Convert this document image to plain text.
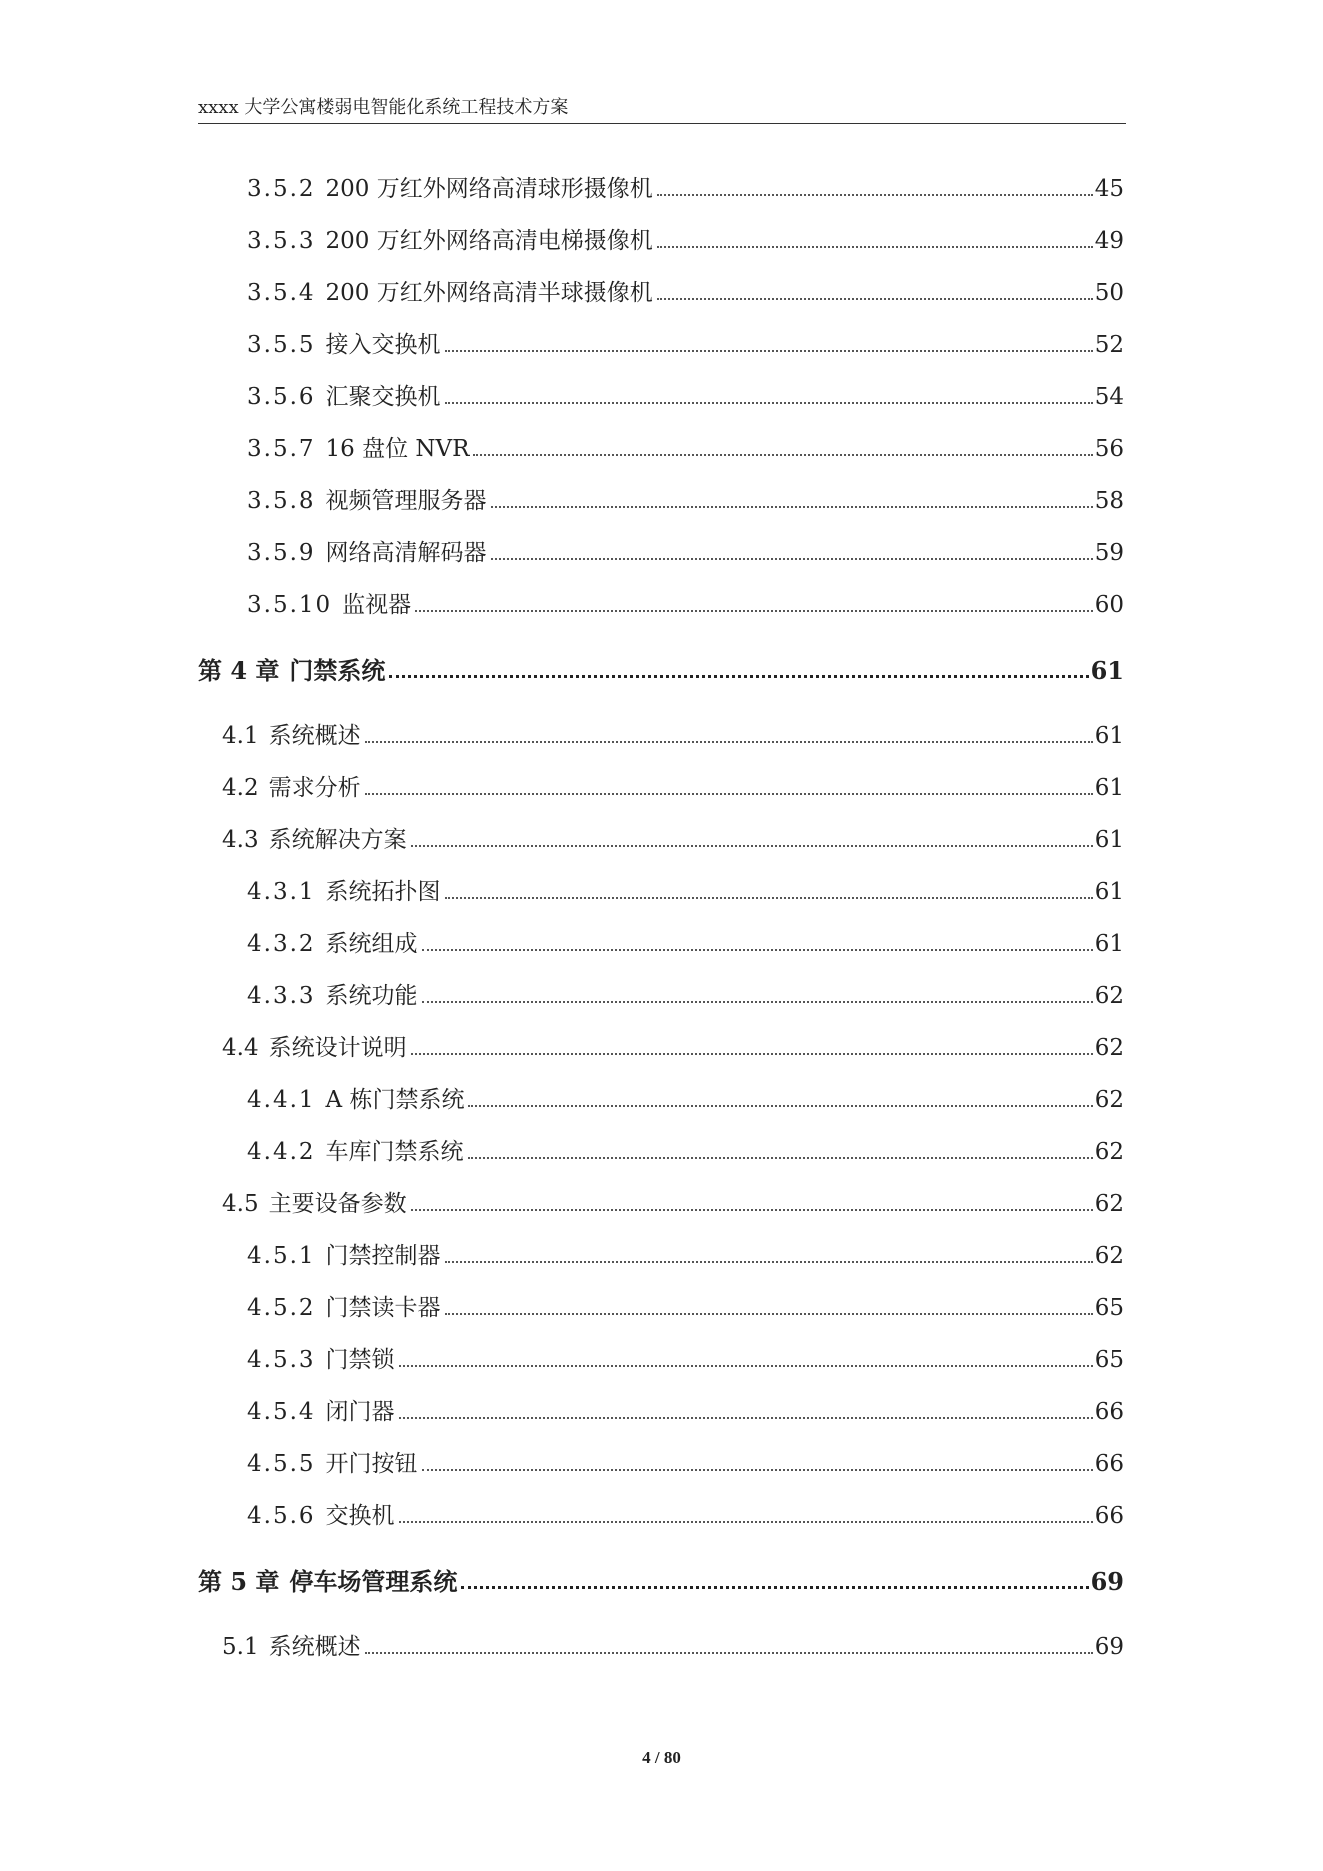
xxxx 大学公寓楼弱电智能化系统工程技术方案
3.5.2 200 万红外网络高清球形摄像机	45
3.5.3 200 万红外网络高清电梯摄像机	49
3.5.4 200 万红外网络高清半球摄像机	50
3.5.5 接入交换机	52
3.5.6 汇聚交换机	54
3.5.7 16 盘位 NVR	56
3.5.8 视频管理服务器	58
3.5.9 网络高清解码器	59
3.5.10 监视器	60
第 4 章 门禁系统	61
4.1 系统概述	61
4.2 需求分析	61
4.3 系统解决方案	61
4.3.1 系统拓扑图	61
4.3.2 系统组成	61
4.3.3 系统功能	62
4.4 系统设计说明	62
4.4.1 A 栋门禁系统	62
4.4.2 车库门禁系统	62
4.5 主要设备参数	62
4.5.1 门禁控制器	62
4.5.2 门禁读卡器	65
4.5.3 门禁锁	65
4.5.4 闭门器	66
4.5.5 开门按钮	66
4.5.6 交换机	66
第 5 章 停车场管理系统	69
5.1 系统概述	69
4 / 80
